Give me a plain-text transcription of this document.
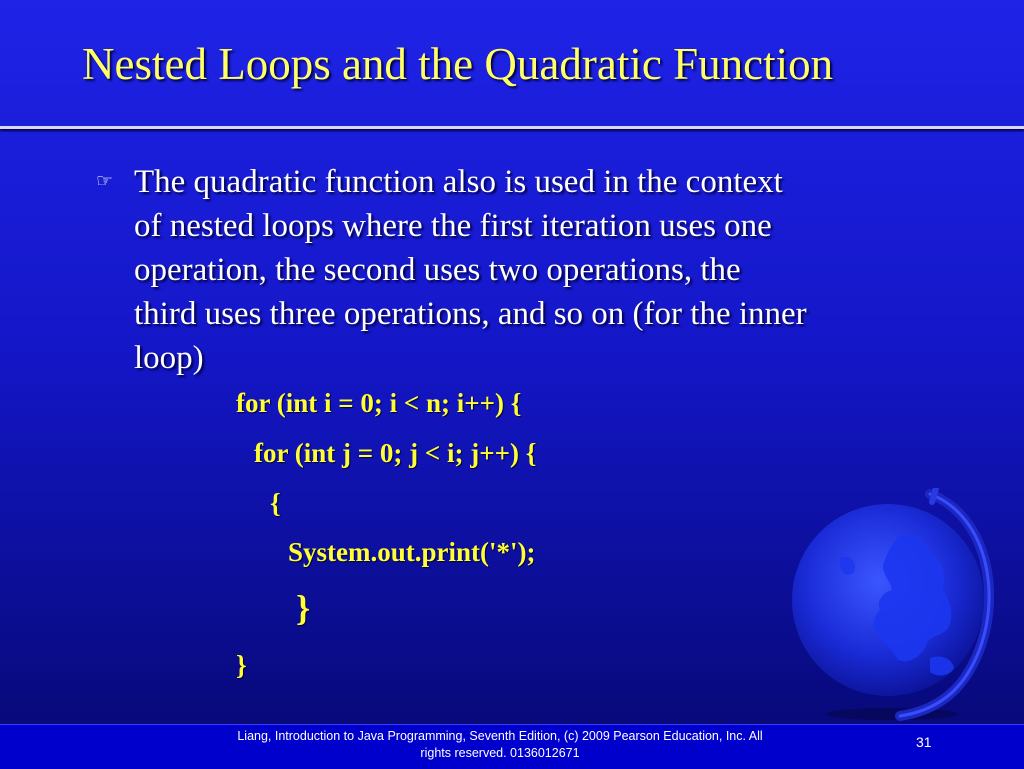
Nested Loops and the Quadratic Function
☞ The quadratic function also is used in the context
of nested loops where the first iteration uses one
operation, the second uses two operations, the
third uses three operations, and so on (for the inner
loop)
for (int i = 0; i < n; i++) {
for (int j = 0; j < i; j++) {
{
System.out.print('*');
}
}
Liang, Introduction to Java Programming, Seventh Edition, (c) 2009 Pearson Education, Inc. All
rights reserved. 0136012671
31
